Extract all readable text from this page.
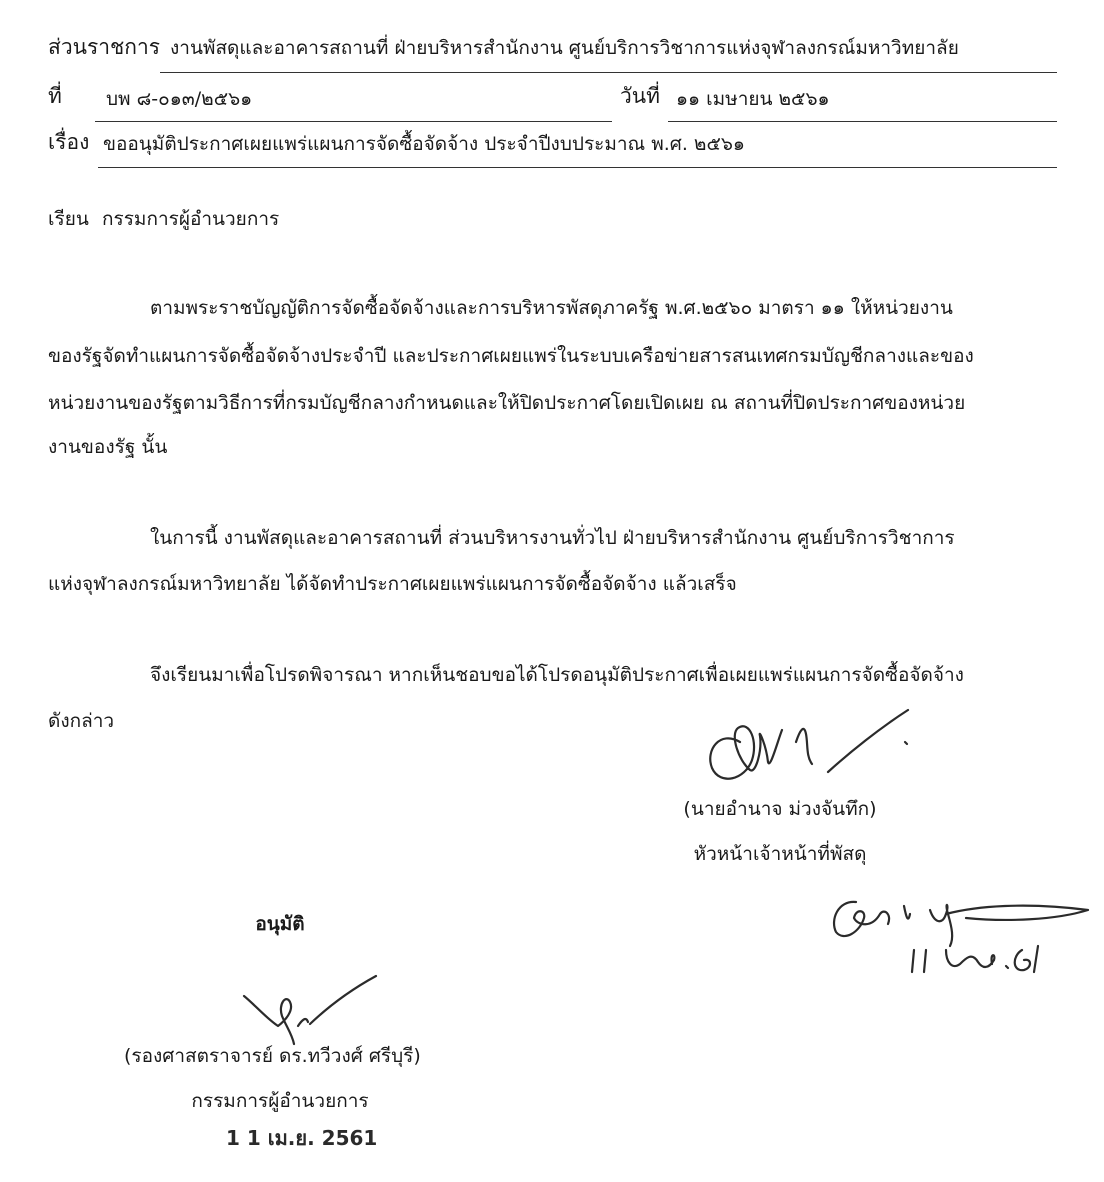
ส่วนราชการ งานพัสดุและอาคารสถานที่ ฝ่ายบริหารสำนักงาน ศูนย์บริการวิชาการแห่งจุฬาลงกรณ์มหาวิทยาลัย
ที่ บพ ๘-๐๑๓/๒๕๖๑	วันที่ ๑๑ เมษายน ๒๕๖๑
เรื่อง ขออนุมัติประกาศเผยแพร่แผนการจัดซื้อจัดจ้าง ประจำปีงบประมาณ พ.ศ. ๒๕๖๑
เรียน กรรมการผู้อำนวยการ
ตามพระราชบัญญัติการจัดซื้อจัดจ้างและการบริหารพัสดุภาครัฐ พ.ศ.๒๕๖๐ มาตรา ๑๑ ให้หน่วยงาน
ของรัฐจัดทำแผนการจัดซื้อจัดจ้างประจำปี และประกาศเผยแพร่ในระบบเครือข่ายสารสนเทศกรมบัญชีกลางและของ
หน่วยงานของรัฐตามวิธีการที่กรมบัญชีกลางกำหนดและให้ปิดประกาศโดยเปิดเผย ณ สถานที่ปิดประกาศของหน่วย
งานของรัฐ นั้น
ในการนี้ งานพัสดุและอาคารสถานที่ ส่วนบริหารงานทั่วไป ฝ่ายบริหารสำนักงาน ศูนย์บริการวิชาการ
แห่งจุฬาลงกรณ์มหาวิทยาลัย ได้จัดทำประกาศเผยแพร่แผนการจัดซื้อจัดจ้าง แล้วเสร็จ
จึงเรียนมาเพื่อโปรดพิจารณา หากเห็นชอบขอได้โปรดอนุมัติประกาศเพื่อเผยแพร่แผนการจัดซื้อจัดจ้าง
ดังกล่าว
(นายอำนาจ ม่วงจันทึก)
หัวหน้าเจ้าหน้าที่พัสดุ
อนุมัติ
(รองศาสตราจารย์ ดร.ทวีวงศ์ ศรีบุรี)
กรรมการผู้อำนวยการ
1 1 เม.ย. 2561
